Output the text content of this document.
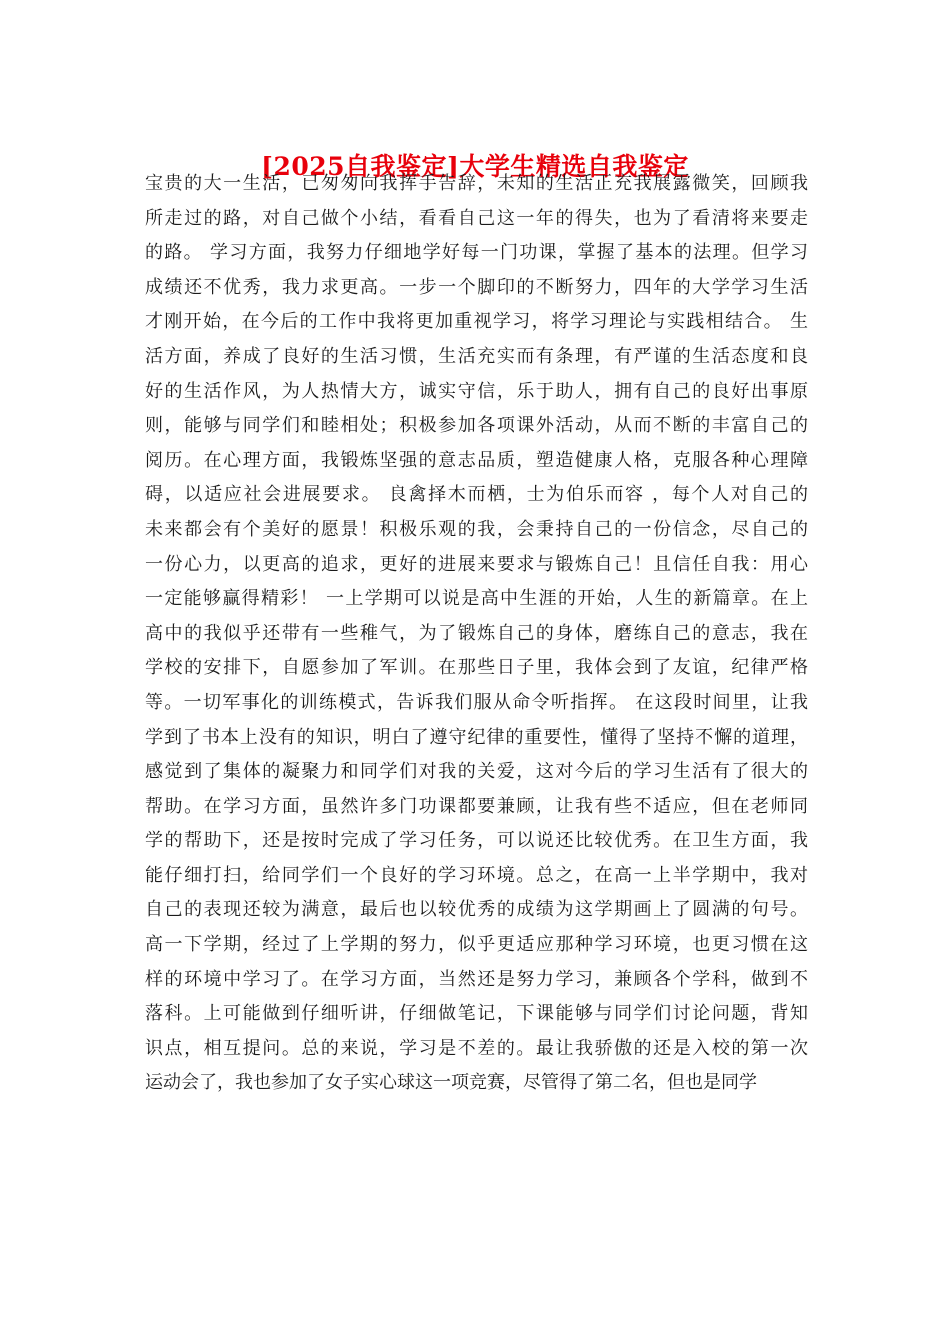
[2025自我鉴定]大学生精选自我鉴定
宝贵的大一生活，已匆匆向我挥手告辞，未知的生活正充我展露微笑，回顾我
所走过的路，对自己做个小结，看看自己这一年的得失，也为了看清将来要走
的路。 学习方面，我努力仔细地学好每一门功课，掌握了基本的法理。但学习
成绩还不优秀，我力求更高。一步一个脚印的不断努力，四年的大学学习生活
才刚开始，在今后的工作中我将更加重视学习，将学习理论与实践相结合。 生
活方面，养成了良好的生活习惯，生活充实而有条理，有严谨的生活态度和良
好的生活作风，为人热情大方，诚实守信，乐于助人，拥有自己的良好出事原
则，能够与同学们和睦相处；积极参加各项课外活动，从而不断的丰富自己的
阅历。在心理方面，我锻炼坚强的意志品质，塑造健康人格，克服各种心理障
碍，以适应社会进展要求。 良禽择木而栖，士为伯乐而容 ，每个人对自己的
未来都会有个美好的愿景！积极乐观的我，会秉持自己的一份信念，尽自己的
一份心力，以更高的追求，更好的进展来要求与锻炼自己！且信任自我：用心
一定能够赢得精彩！ 一上学期可以说是高中生涯的开始，人生的新篇章。在上
高中的我似乎还带有一些稚气，为了锻炼自己的身体，磨练自己的意志，我在
学校的安排下，自愿参加了军训。在那些日子里，我体会到了友谊，纪律严格
等。一切军事化的训练模式，告诉我们服从命令听指挥。 在这段时间里，让我
学到了书本上没有的知识，明白了遵守纪律的重要性，懂得了坚持不懈的道理，
感觉到了集体的凝聚力和同学们对我的关爱，这对今后的学习生活有了很大的
帮助。在学习方面，虽然许多门功课都要兼顾，让我有些不适应，但在老师同
学的帮助下，还是按时完成了学习任务，可以说还比较优秀。在卫生方面，我
能仔细打扫，给同学们一个良好的学习环境。总之，在高一上半学期中，我对
自己的表现还较为满意，最后也以较优秀的成绩为这学期画上了圆满的句号。
高一下学期，经过了上学期的努力，似乎更适应那种学习环境，也更习惯在这
样的环境中学习了。在学习方面，当然还是努力学习，兼顾各个学科，做到不
落科。上可能做到仔细听讲，仔细做笔记，下课能够与同学们讨论问题，背知
识点，相互提问。总的来说，学习是不差的。最让我骄傲的还是入校的第一次
运动会了，我也参加了女子实心球这一项竞赛，尽管得了第二名，但也是同学
